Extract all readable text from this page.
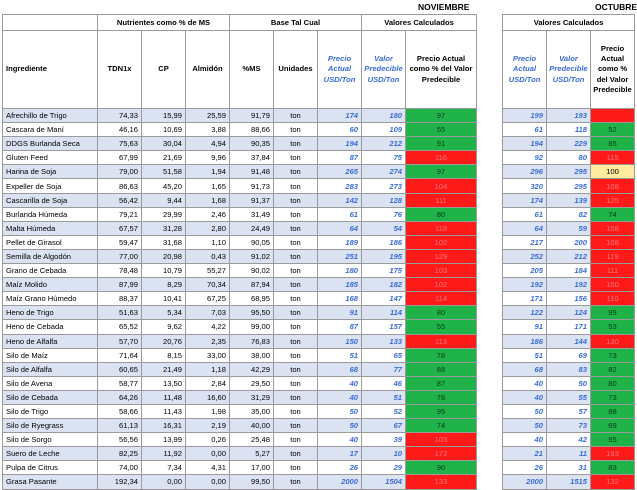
NOVIEMBRE	OCTUBRE
	Nutrientes como % de MS			Base Tal Cual			Valores Calculados	
Ingrediente	TDN1x	CP	Almidón	%MS	Unidades	Precio Actual USD/Ton	Valor Predecible USD/Ton	Precio Actual como % del Valor Predecible
Afrechillo de Trigo	74,33	15,99	25,59	91,79	ton	174	180	97
Cascara de Maní	46,16	10,69	3,88	88,66	ton	60	109	55
DDGS Burlanda Seca	75,63	30,04	4,94	90,35	ton	194	212	91
Gluten Feed	67,99	21,69	9,96	37,84	ton	87	75	116
Harina de Soja	79,00	51,58	1,94	91,48	ton	265	274	97
Expeller de Soja	86,63	45,20	1,65	91,73	ton	283	273	104
Cascarilla de Soja	56,42	9,44	1,68	91,37	ton	142	128	111
Burlanda Húmeda	79,21	29,99	2,46	31,49	ton	61	76	80
Malta Húmeda	67,57	31,28	2,80	24,49	ton	64	54	118
Pellet de Girasol	59,47	31,68	1,10	90,05	ton	189	186	102
Semilla de Algodón	77,00	20,98	0,43	91,02	ton	251	195	129
Grano de Cebada	78,48	10,79	55,27	90,02	ton	180	175	103
Maíz Molido	87,99	8,29	70,34	87,94	ton	185	182	102
Maíz Grano Húmedo	88,37	10,41	67,25	68,95	ton	168	147	114
Heno de Trigo	51,63	5,34	7,03	95,50	ton	91	114	80
Heno de Cebada	65,52	9,62	4,22	99,00	ton	87	157	55
Heno de Alfalfa	57,70	20,76	2,35	76,83	ton	150	133	113
Silo de Maíz	71,64	8,15	33,00	38,00	ton	51	65	78
Silo de Alfalfa	60,65	21,49	1,18	42,29	ton	68	77	88
Silo de Avena	58,77	13,50	2,84	29,50	ton	40	46	87
Silo de Cebada	64,26	11,48	16,60	31,29	ton	40	51	78
Silo de Trigo	58,66	11,43	1,98	35,00	ton	50	52	95
Silo de Ryegrass	61,13	16,31	2,19	40,00	ton	50	67	74
Silo de Sorgo	56,56	13,99	0,26	25,48	ton	40	39	103
Suero de Leche	82,25	11,92	0,00	5,27	ton	17	10	172
Pulpa de Citrus	74,00	7,34	4,31	17,00	ton	26	29	90
Grasa Pasante	192,34	0,00	0,00	99,50	ton	2000	1504	133
Valores Calculados		
Precio Actual USD/Ton	Valor Predecible USD/Ton	Precio Actual como % del Valor Predecible
199	193	
61	118	52
194	229	85
92	80	115
296	295	100
320	295	108
174	139	125
61	82	74
64	59	108
217	200	108
252	212	119
205	184	111
192	192	100
171	156	110
122	124	99
91	171	53
186	144	130
51	69	73
68	83	82
40	50	80
40	55	73
50	57	88
50	73	69
40	42	95
21	11	193
26	31	83
2000	1515	132
